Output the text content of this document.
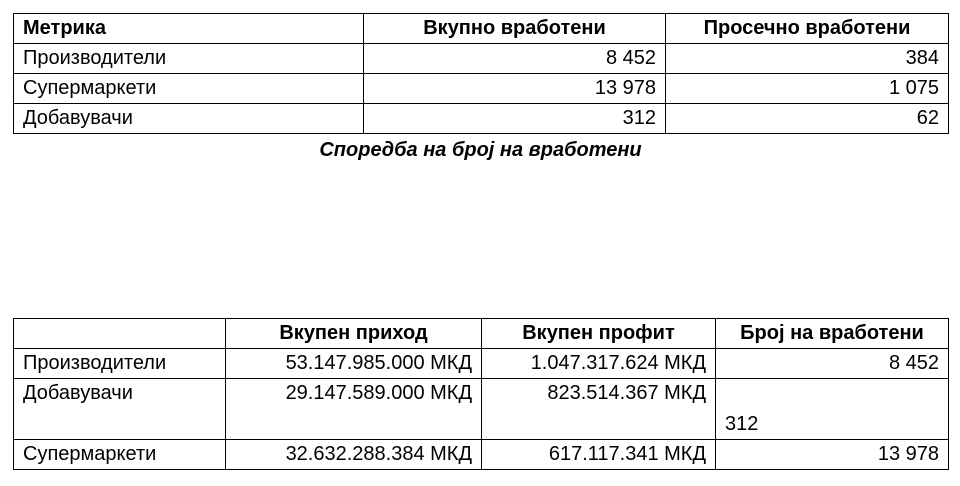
Метрика	Вкупно вработени	Просечно вработени
Производители	8 452	384
Супермаркети	13 978	1 075
Добавувачи	312	62
Споредба на број на вработени
	Вкупен приход	Вкупен профит	Број на вработени
Производители	53.147.985.000 МКД	1.047.317.624 МКД	8 452
Добавувачи	29.147.589.000 МКД	823.514.367 МКД	312
Супермаркети	32.632.288.384 МКД	617.117.341 МКД	13 978
